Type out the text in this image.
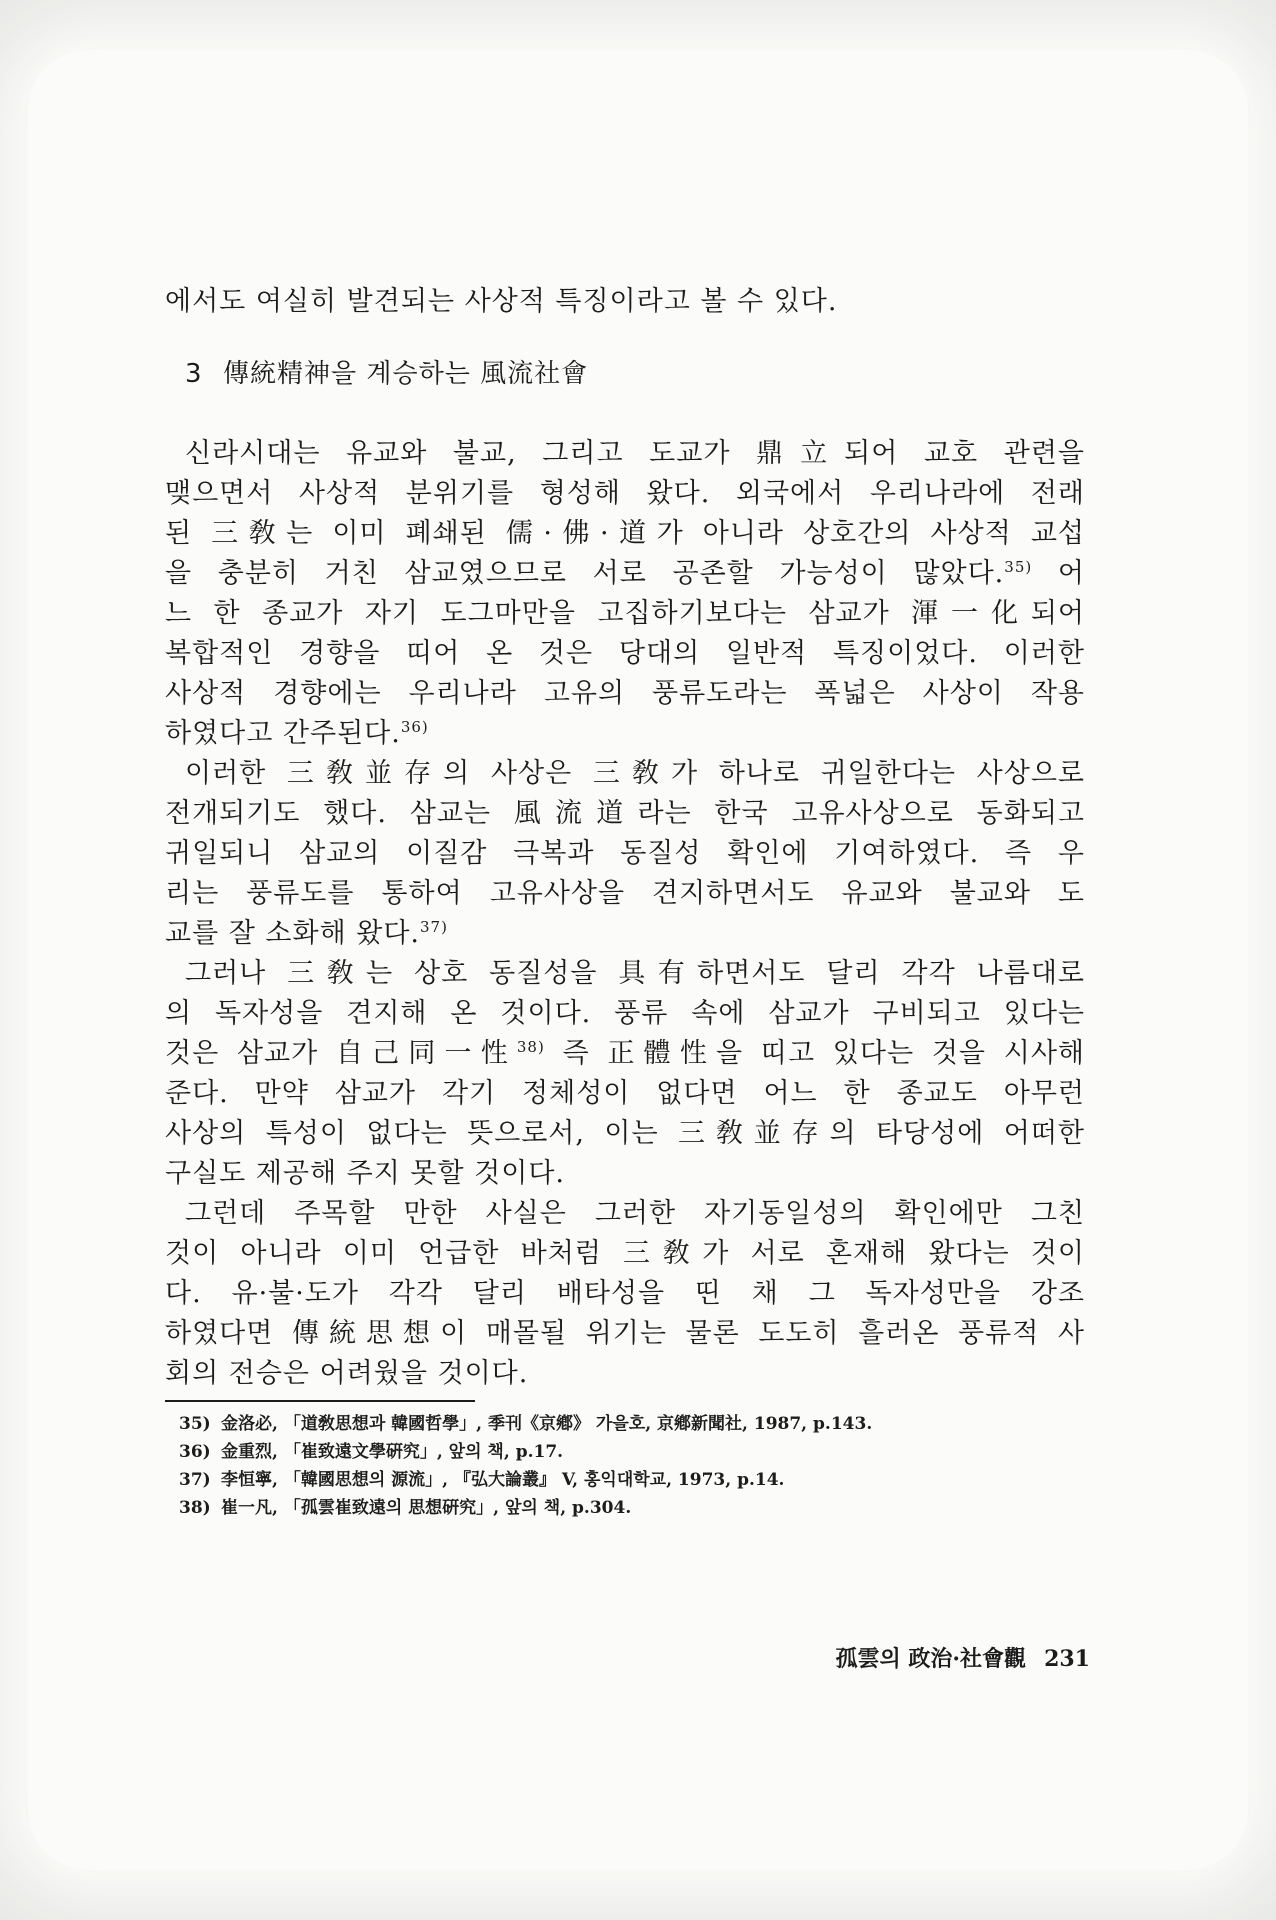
에서도 여실히 발견되는 사상적 특징이라고 볼 수 있다.
3 傳統精神을 계승하는 風流社會
신라시대는 유교와 불교, 그리고 도교가 鼎立되어 교호 관련을
맺으면서 사상적 분위기를 형성해 왔다. 외국에서 우리나라에 전래
된 三敎는 이미 폐쇄된 儒·佛·道가 아니라 상호간의 사상적 교섭
을 충분히 거친 삼교였으므로 서로 공존할 가능성이 많았다.$^{35)}$ 어
느 한 종교가 자기 도그마만을 고집하기보다는 삼교가 渾一化되어
복합적인 경향을 띠어 온 것은 당대의 일반적 특징이었다. 이러한
사상적 경향에는 우리나라 고유의 풍류도라는 폭넓은 사상이 작용
하였다고 간주된다.$^{36)}$
이러한 三敎並存의 사상은 三敎가 하나로 귀일한다는 사상으로
전개되기도 했다. 삼교는 風流道라는 한국 고유사상으로 동화되고
귀일되니 삼교의 이질감 극복과 동질성 확인에 기여하였다. 즉 우
리는 풍류도를 통하여 고유사상을 견지하면서도 유교와 불교와 도
교를 잘 소화해 왔다.$^{37)}$
그러나 三敎는 상호 동질성을 具有하면서도 달리 각각 나름대로
의 독자성을 견지해 온 것이다. 풍류 속에 삼교가 구비되고 있다는
것은 삼교가 自己同一性$^{38)}$ 즉 正體性을 띠고 있다는 것을 시사해
준다. 만약 삼교가 각기 정체성이 없다면 어느 한 종교도 아무런
사상의 특성이 없다는 뜻으로서, 이는 三敎並存의 타당성에 어떠한
구실도 제공해 주지 못할 것이다.
그런데 주목할 만한 사실은 그러한 자기동일성의 확인에만 그친
것이 아니라 이미 언급한 바처럼 三敎가 서로 혼재해 왔다는 것이
다. 유·불·도가 각각 달리 배타성을 띤 채 그 독자성만을 강조
하였다면 傳統思想이 매몰될 위기는 물론 도도히 흘러온 풍류적 사
회의 전승은 어려웠을 것이다.
35) 金洛必, 「道敎思想과 韓國哲學」, 季刊《京鄕》 가을호, 京鄕新聞社, 1987, p.143.
36) 金重烈, 「崔致遠文學硏究」, 앞의 책, p.17.
37) 李恒寧, 「韓國思想의 源流」, 『弘大論叢』 V, 홍익대학교, 1973, p.14.
38) 崔一凡, 「孤雲崔致遠의 思想硏究」, 앞의 책, p.304.
孤雲의 政治·社會觀 231
